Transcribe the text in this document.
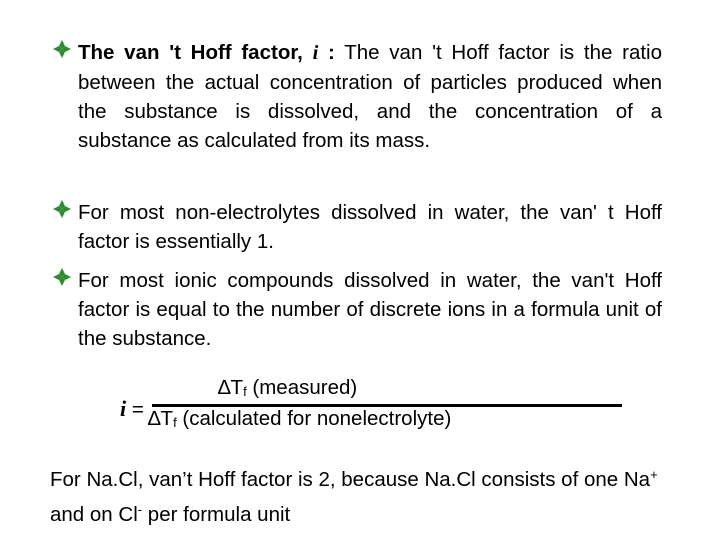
The van 't Hoff factor, i : The van 't Hoff factor is the ratio between the actual concentration of particles produced when the substance is dissolved, and the concentration of a substance as calculated from its mass.
For most non-electrolytes dissolved in water, the van' t Hoff factor is essentially 1.
For most ionic compounds dissolved in water, the van't Hoff factor is equal to the number of discrete ions in a formula unit of the substance.
i =
∆Tf (measured)
∆Tf (calculated for nonelectrolyte)
For Na.Cl, van’t Hoff factor is 2, because Na.Cl consists of one Na+ and on Cl- per formula unit
